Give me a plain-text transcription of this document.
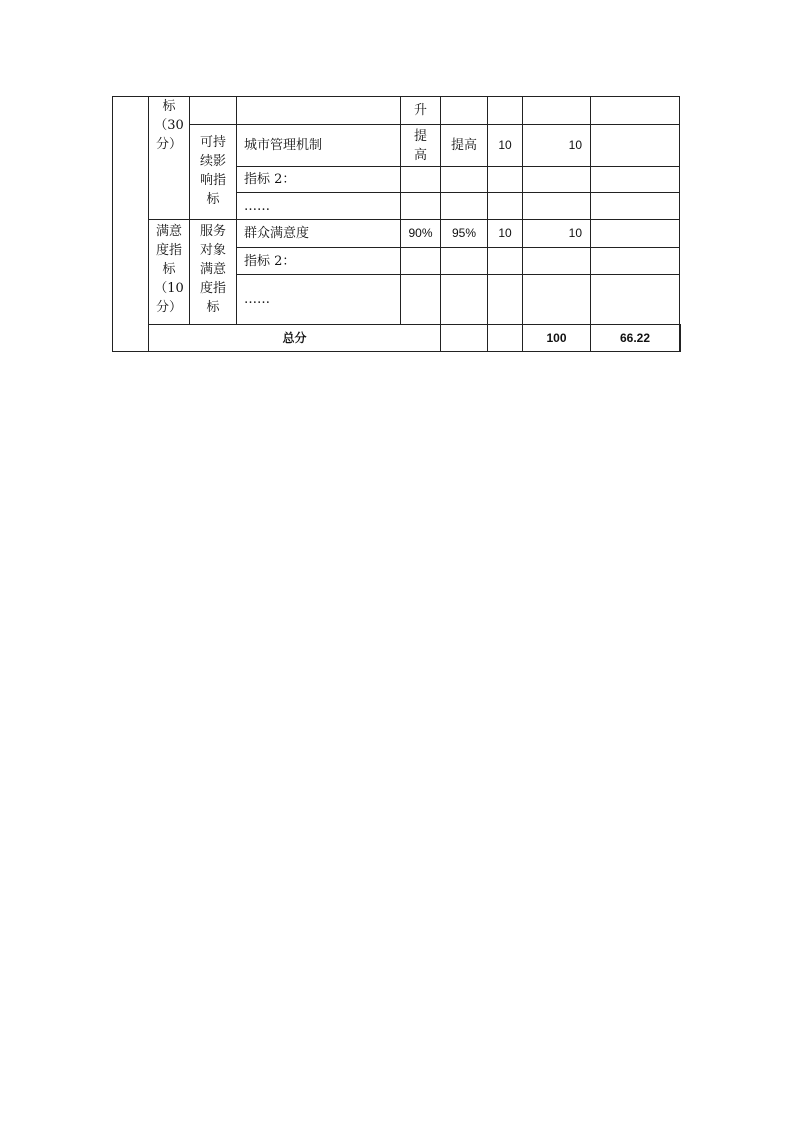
	标
（30
分）			升					

		可持
续影
响指
标	城市管理机制	提
高	提高	10	10		
			指标 2：						
			……						

	满意
度指
标
（10
分）	服务
对象
满意
度指
标	群众满意度	90%	95%	10	10		
			指标 2：						
			……						
	总分						100	66.22	
